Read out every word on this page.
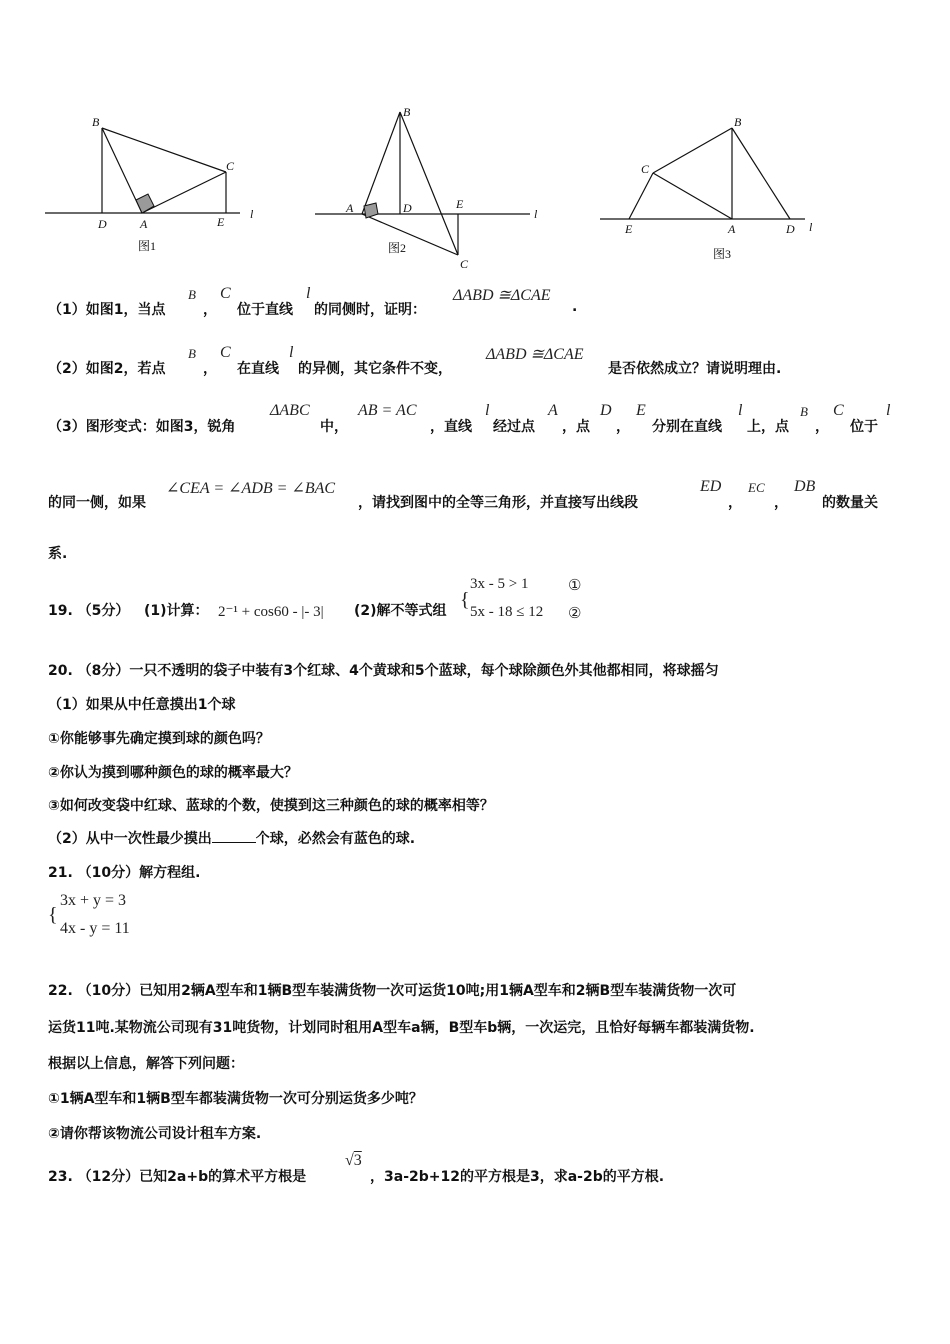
B
C
D	A	E
l
图1
B
A	D	E
C
l
图2
B
C
E	A	D l
图3
（1）如图1，当点
B
，
C
位于直线
l
的同侧时，证明：
ΔABD ≅ΔCAE
.
（2）如图2，若点
B
，
C
在直线
l
的异侧，其它条件不变，
ΔABD ≅ΔCAE
是否依然成立？请说明理由.
（3）图形变式：如图3，锐角
ΔABC
中，
AB = AC
，直线
l
经过点
A
，点
D
，
E
分别在直线
l
上，点
B
，
C
位于
l
的同一侧，如果
∠CEA = ∠ADB = ∠BAC
，请找到图中的全等三角形，并直接写出线段
ED
，
EC
，
DB
的数量关
系.
19. （5分） (1)计算： 2⁻¹ + cos60 - |- 3| (2)解不等式组 {
3x - 5 > 1
5x - 18 ≤ 12
①
②
20. （8分）一只不透明的袋子中装有3个红球、4个黄球和5个蓝球，每个球除颜色外其他都相同，将球摇匀
（1）如果从中任意摸出1个球
①你能够事先确定摸到球的颜色吗？
②你认为摸到哪种颜色的球的概率最大？
③如何改变袋中红球、蓝球的个数，使摸到这三种颜色的球的概率相等？
（2）从中一次性最少摸出	个球，必然会有蓝色的球.
21. （10分）解方程组.
{
3x + y = 3
4x - y = 11
22. （10分）已知用2辆A型车和1辆B型车装满货物一次可运货10吨;用1辆A型车和2辆B型车装满货物一次可
运货11吨.某物流公司现有31吨货物，计划同时租用A型车a辆，B型车b辆，一次运完，且恰好每辆车都装满货物.
根据以上信息，解答下列问题：
①1辆A型车和1辆B型车都装满货物一次可分别运货多少吨？
②请你帮该物流公司设计租车方案.
23. （12分）已知2a+b的算术平方根是
√3
，3a-2b+12的平方根是3，求a-2b的平方根.
